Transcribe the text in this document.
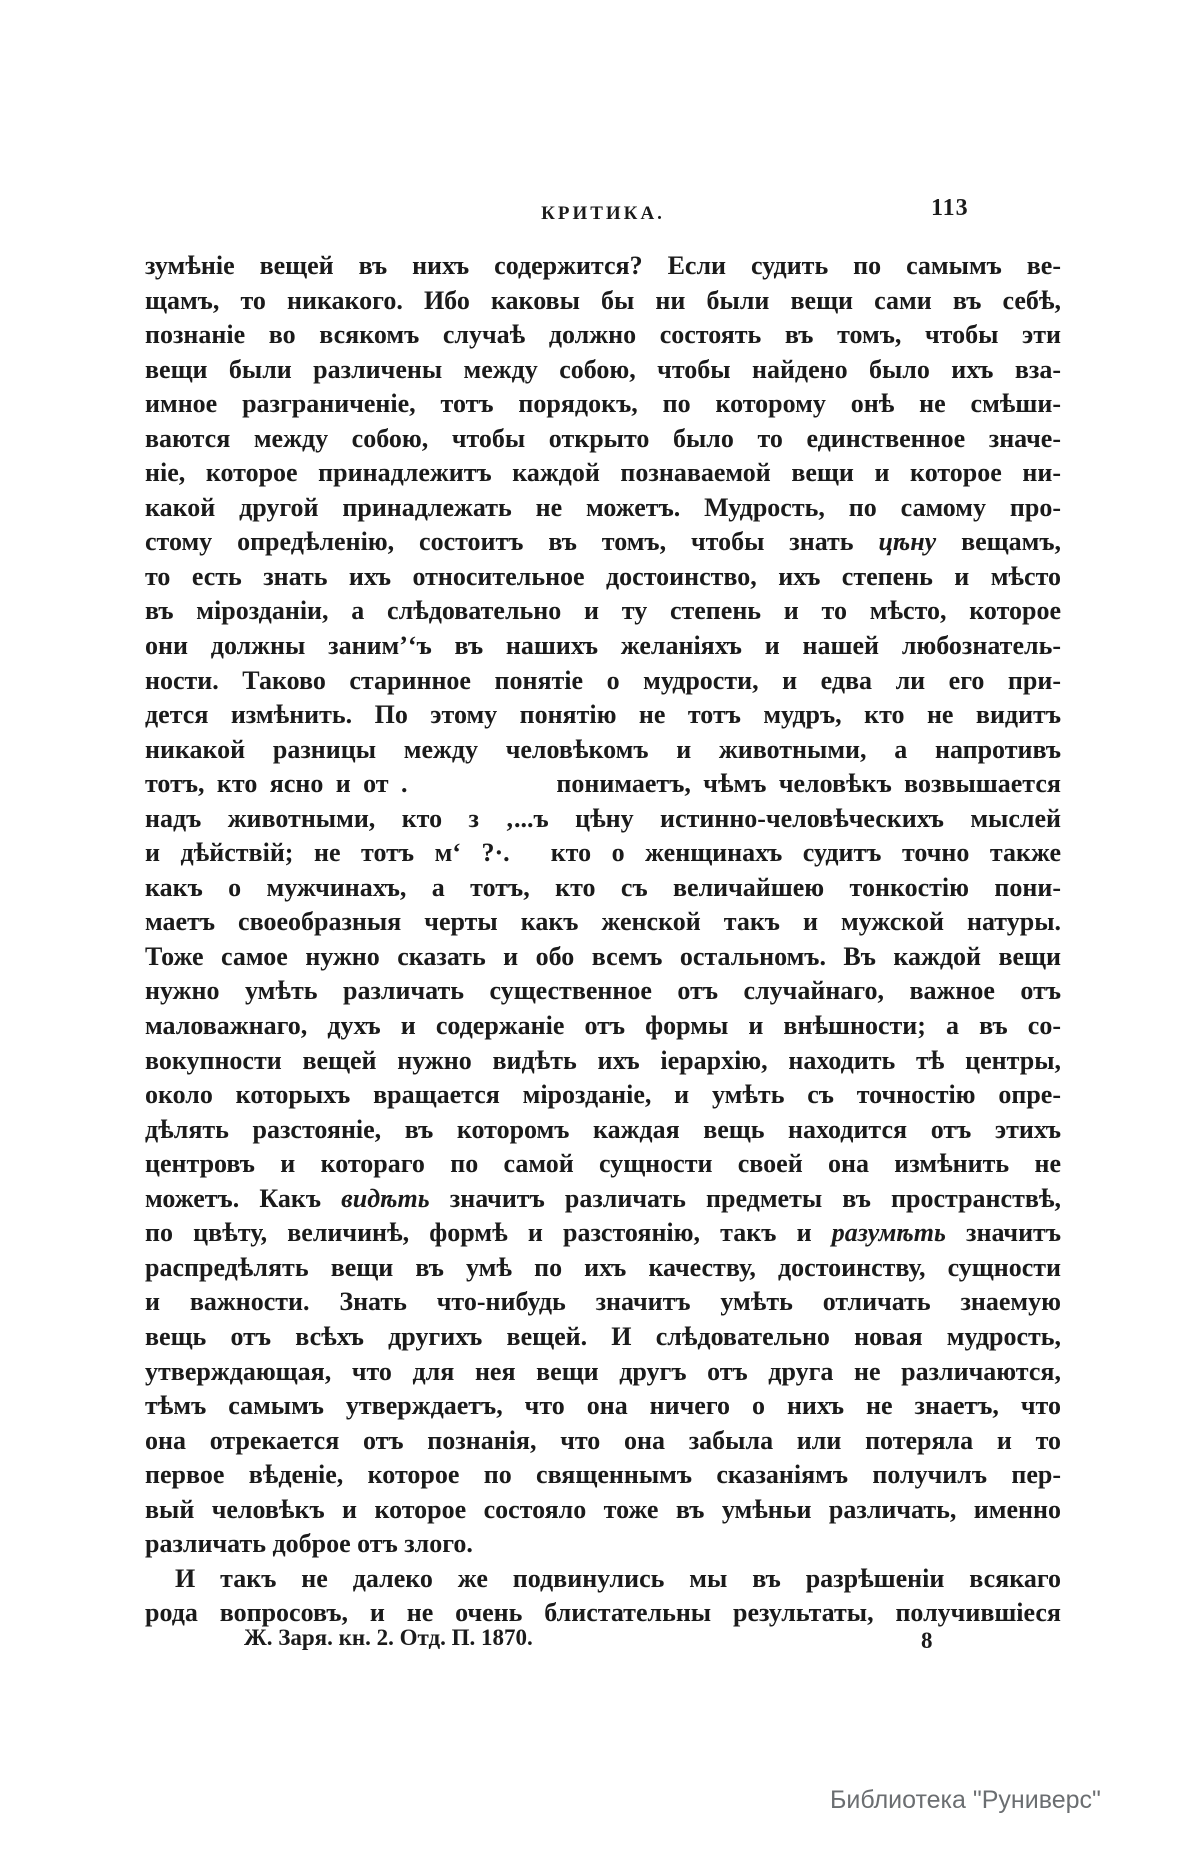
КРИТИКА.	113
зумѣніе вещей въ нихъ содержится? Если судить по самымъ ве-
щамъ, то никакого. Ибо каковы бы ни были вещи сами въ себѣ,
познаніе во всякомъ случаѣ должно состоять въ томъ, чтобы эти
вещи были различены между собою, чтобы найдено было ихъ вза-
имное разграниченіе, тотъ порядокъ, по которому онѣ не смѣши-
ваются между собою, чтобы открыто было то единственное значе-
ніе, которое принадлежитъ каждой познаваемой вещи и которое ни-
какой другой принадлежать не можетъ. Мудрость, по самому про-
стому опредѣленію, состоитъ въ томъ, чтобы знать цѣну вещамъ,
то есть знать ихъ относительное достоинство, ихъ степень и мѣсто
въ мірозданіи, а слѣдовательно и ту степень и то мѣсто, которое
они должны заним’‘ъ въ нашихъ желаніяхъ и нашей любознатель-
ности. Таково старинное понятіе о мудрости, и едва ли его при-
дется измѣнить. По этому понятію не тотъ мудръ, кто не видитъ
никакой разницы между человѣкомъ и животными, а напротивъ
тотъ, кто ясно и от .            понимаетъ, чѣмъ человѣкъ возвышается
надъ животными, кто з ‚...ъ цѣну истинно-человѣческихъ мыслей
и дѣйствій; не тотъ м‘ ?·.  кто о женщинахъ судитъ точно также
какъ о мужчинахъ, а тотъ, кто съ величайшею тонкостію пони-
маетъ своеобразныя черты какъ женской такъ и мужской натуры.
Тоже самое нужно сказать и обо всемъ остальномъ. Въ каждой вещи
нужно умѣть различать существенное отъ случайнаго, важное отъ
маловажнаго, духъ и содержаніе отъ формы и внѣшности; а въ со-
вокупности вещей нужно видѣть ихъ іерархію, находить тѣ центры,
около которыхъ вращается мірозданіе, и умѣть съ точностію опре-
дѣлять разстояніе, въ которомъ каждая вещь находится отъ этихъ
центровъ и котораго по самой сущности своей она измѣнить не
можетъ. Какъ видѣть значитъ различать предметы въ пространствѣ,
по цвѣту, величинѣ, формѣ и разстоянію, такъ и разумѣть значитъ
распредѣлять вещи въ умѣ по ихъ качеству, достоинству, сущности
и важности. Знать что-нибудь значитъ умѣть отличать знаемую
вещь отъ всѣхъ другихъ вещей. И слѣдовательно новая мудрость,
утверждающая, что для нея вещи другъ отъ друга не различаются,
тѣмъ самымъ утверждаетъ, что она ничего о нихъ не знаетъ, что
она отрекается отъ познанія, что она забыла или потеряла и то
первое вѣденіе, которое по священнымъ сказаніямъ получилъ пер-
вый человѣкъ и которое состояло тоже въ умѣньи различать, именно
различать доброе отъ злого.
И такъ не далеко же подвинулись мы въ разрѣшеніи всякаго
рода вопросовъ, и не очень блистательны результаты, получившіеся
Ж. Заря. кн. 2. Отд. П. 1870.	8
Библиотека "Руниверс"
